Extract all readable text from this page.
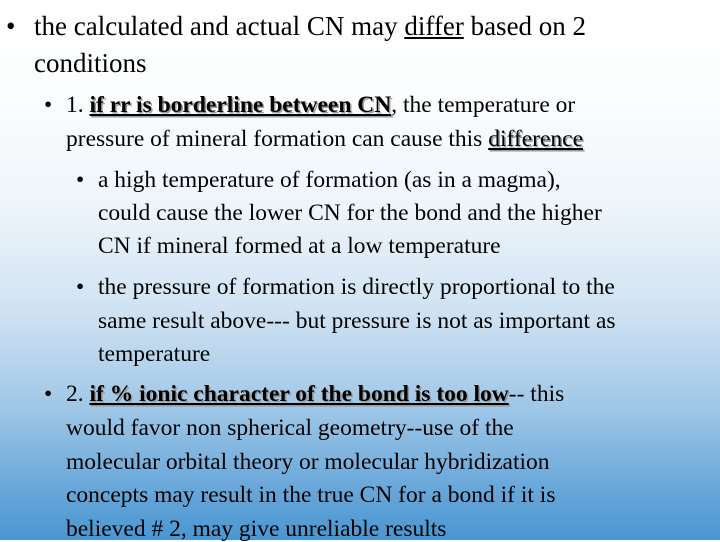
• the calculated and actual CN may differ based on 2
conditions
• 1. if rr is borderline between CN, the temperature or
pressure of mineral formation can cause this difference
• a high temperature of formation (as in a magma),
could cause the lower CN for the bond and the higher
CN if mineral formed at a low temperature
• the pressure of formation is directly proportional to the
same result above--- but pressure is not as important as
temperature
• 2. if % ionic character of the bond is too low-- this
would favor non spherical geometry--use of the
molecular orbital theory or molecular hybridization
concepts may result in the true CN for a bond if it is
believed # 2, may give unreliable results
